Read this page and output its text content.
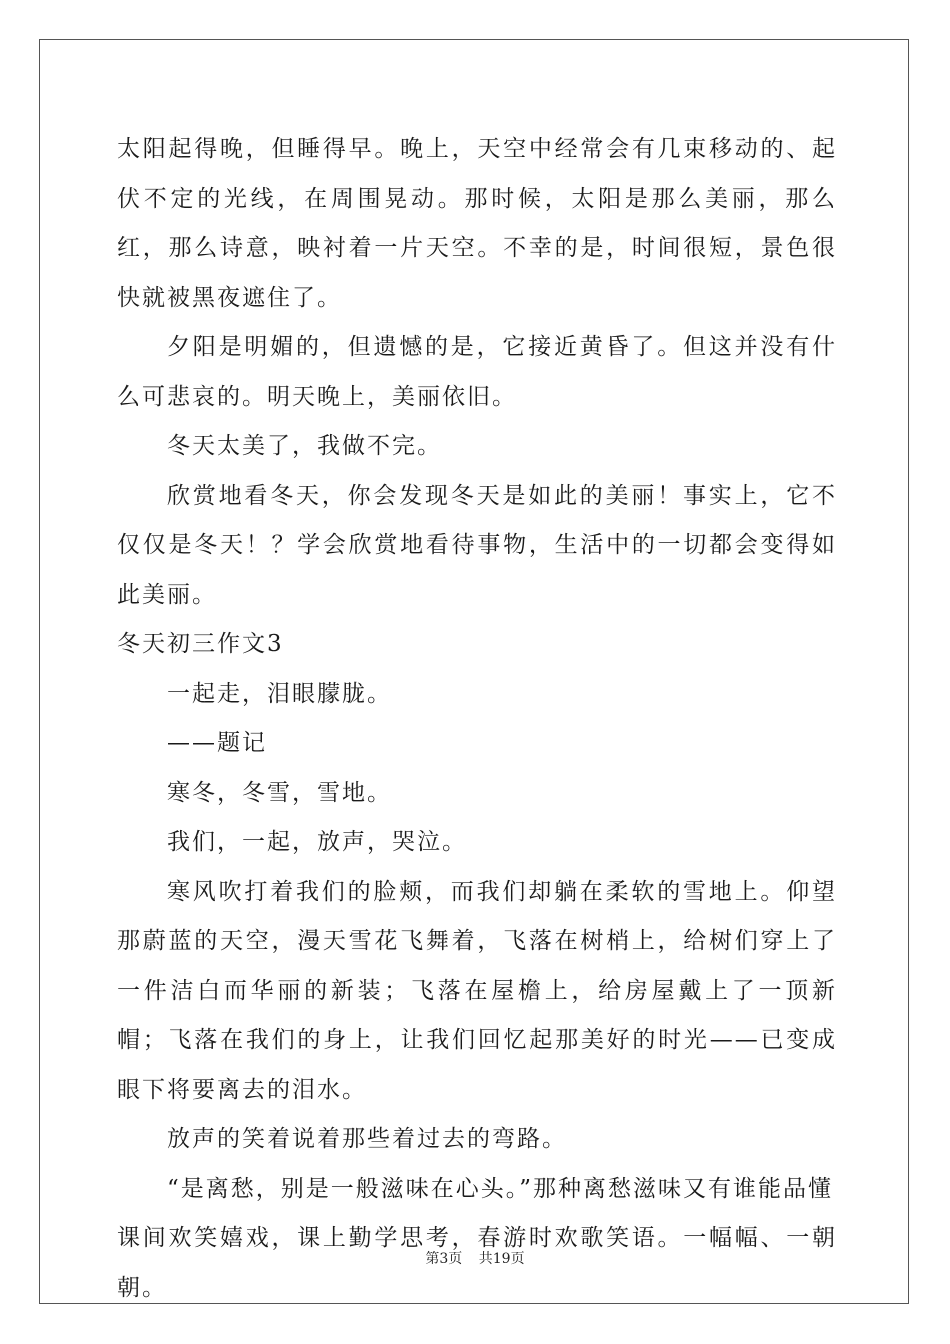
太阳起得晚，但睡得早。晚上，天空中经常会有几束移动的、起伏不定的光线，在周围晃动。那时候，太阳是那么美丽，那么红，那么诗意，映衬着一片天空。不幸的是，时间很短，景色很快就被黑夜遮住了。

夕阳是明媚的，但遗憾的是，它接近黄昏了。但这并没有什么可悲哀的。明天晚上，美丽依旧。

冬天太美了，我做不完。

欣赏地看冬天，你会发现冬天是如此的美丽！事实上，它不仅仅是冬天！？学会欣赏地看待事物，生活中的一切都会变得如此美丽。

冬天初三作文3

一起走，泪眼朦胧。

——题记

寒冬，冬雪，雪地。

我们，一起，放声，哭泣。

寒风吹打着我们的脸颊，而我们却躺在柔软的雪地上。仰望那蔚蓝的天空，漫天雪花飞舞着，飞落在树梢上，给树们穿上了一件洁白而华丽的新装；飞落在屋檐上，给房屋戴上了一顶新帽；飞落在我们的身上，让我们回忆起那美好的时光——已变成眼下将要离去的泪水。

放声的笑着说着那些着过去的弯路。

“是离愁，别是一般滋味在心头。”那种离愁滋味又有谁能品懂

课间欢笑嬉戏，课上勤学思考，春游时欢歌笑语。一幅幅、一朝朝。

第3页 共19页
